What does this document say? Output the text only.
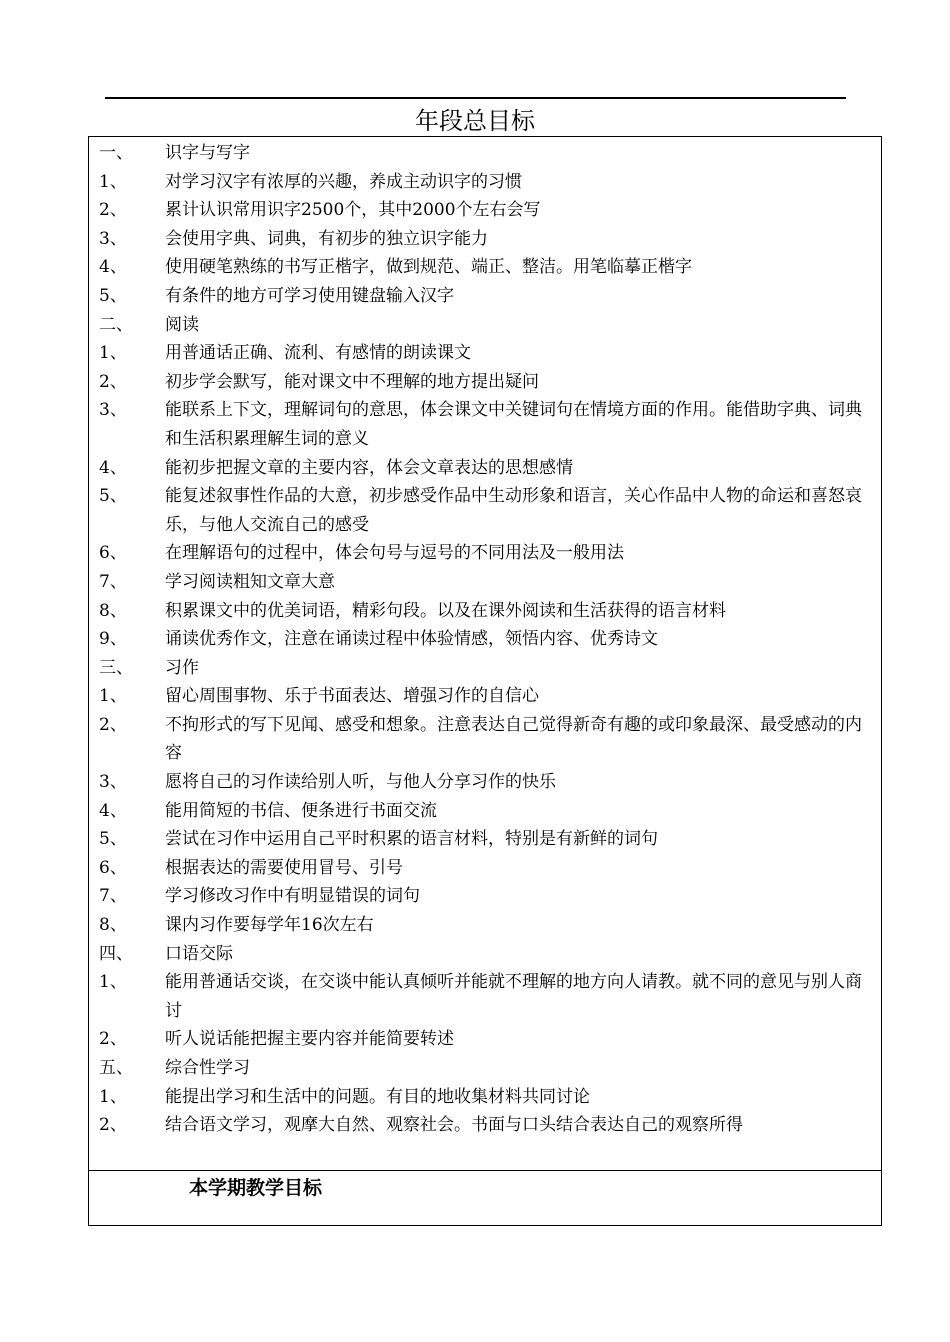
年段总目标
一、	识字与写字
1、	对学习汉字有浓厚的兴趣，养成主动识字的习惯
2、	累计认识常用识字2500个，其中2000个左右会写
3、	会使用字典、词典，有初步的独立识字能力
4、	使用硬笔熟练的书写正楷字，做到规范、端正、整洁。用笔临摹正楷字
5、	有条件的地方可学习使用键盘输入汉字
二、	阅读
1、	用普通话正确、流利、有感情的朗读课文
2、	初步学会默写，能对课文中不理解的地方提出疑问
3、	能联系上下文，理解词句的意思，体会课文中关键词句在情境方面的作用。能借助字典、词典和生活积累理解生词的意义
4、	能初步把握文章的主要内容，体会文章表达的思想感情
5、	能复述叙事性作品的大意，初步感受作品中生动形象和语言，关心作品中人物的命运和喜怒哀乐，与他人交流自己的感受
6、	在理解语句的过程中，体会句号与逗号的不同用法及一般用法
7、	学习阅读粗知文章大意
8、	积累课文中的优美词语，精彩句段。以及在课外阅读和生活获得的语言材料
9、	诵读优秀作文，注意在诵读过程中体验情感，领悟内容、优秀诗文
三、	习作
1、	留心周围事物、乐于书面表达、增强习作的自信心
2、	不拘形式的写下见闻、感受和想象。注意表达自己觉得新奇有趣的或印象最深、最受感动的内容
3、	愿将自己的习作读给别人听，与他人分享习作的快乐
4、	能用简短的书信、便条进行书面交流
5、	尝试在习作中运用自己平时积累的语言材料，特别是有新鲜的词句
6、	根据表达的需要使用冒号、引号
7、	学习修改习作中有明显错误的词句
8、	课内习作要每学年16次左右
四、	口语交际
1、	能用普通话交谈，在交谈中能认真倾听并能就不理解的地方向人请教。就不同的意见与别人商讨
2、	听人说话能把握主要内容并能简要转述
五、	综合性学习
1、	能提出学习和生活中的问题。有目的地收集材料共同讨论
2、	结合语文学习，观摩大自然、观察社会。书面与口头结合表达自己的观察所得
本学期教学目标
